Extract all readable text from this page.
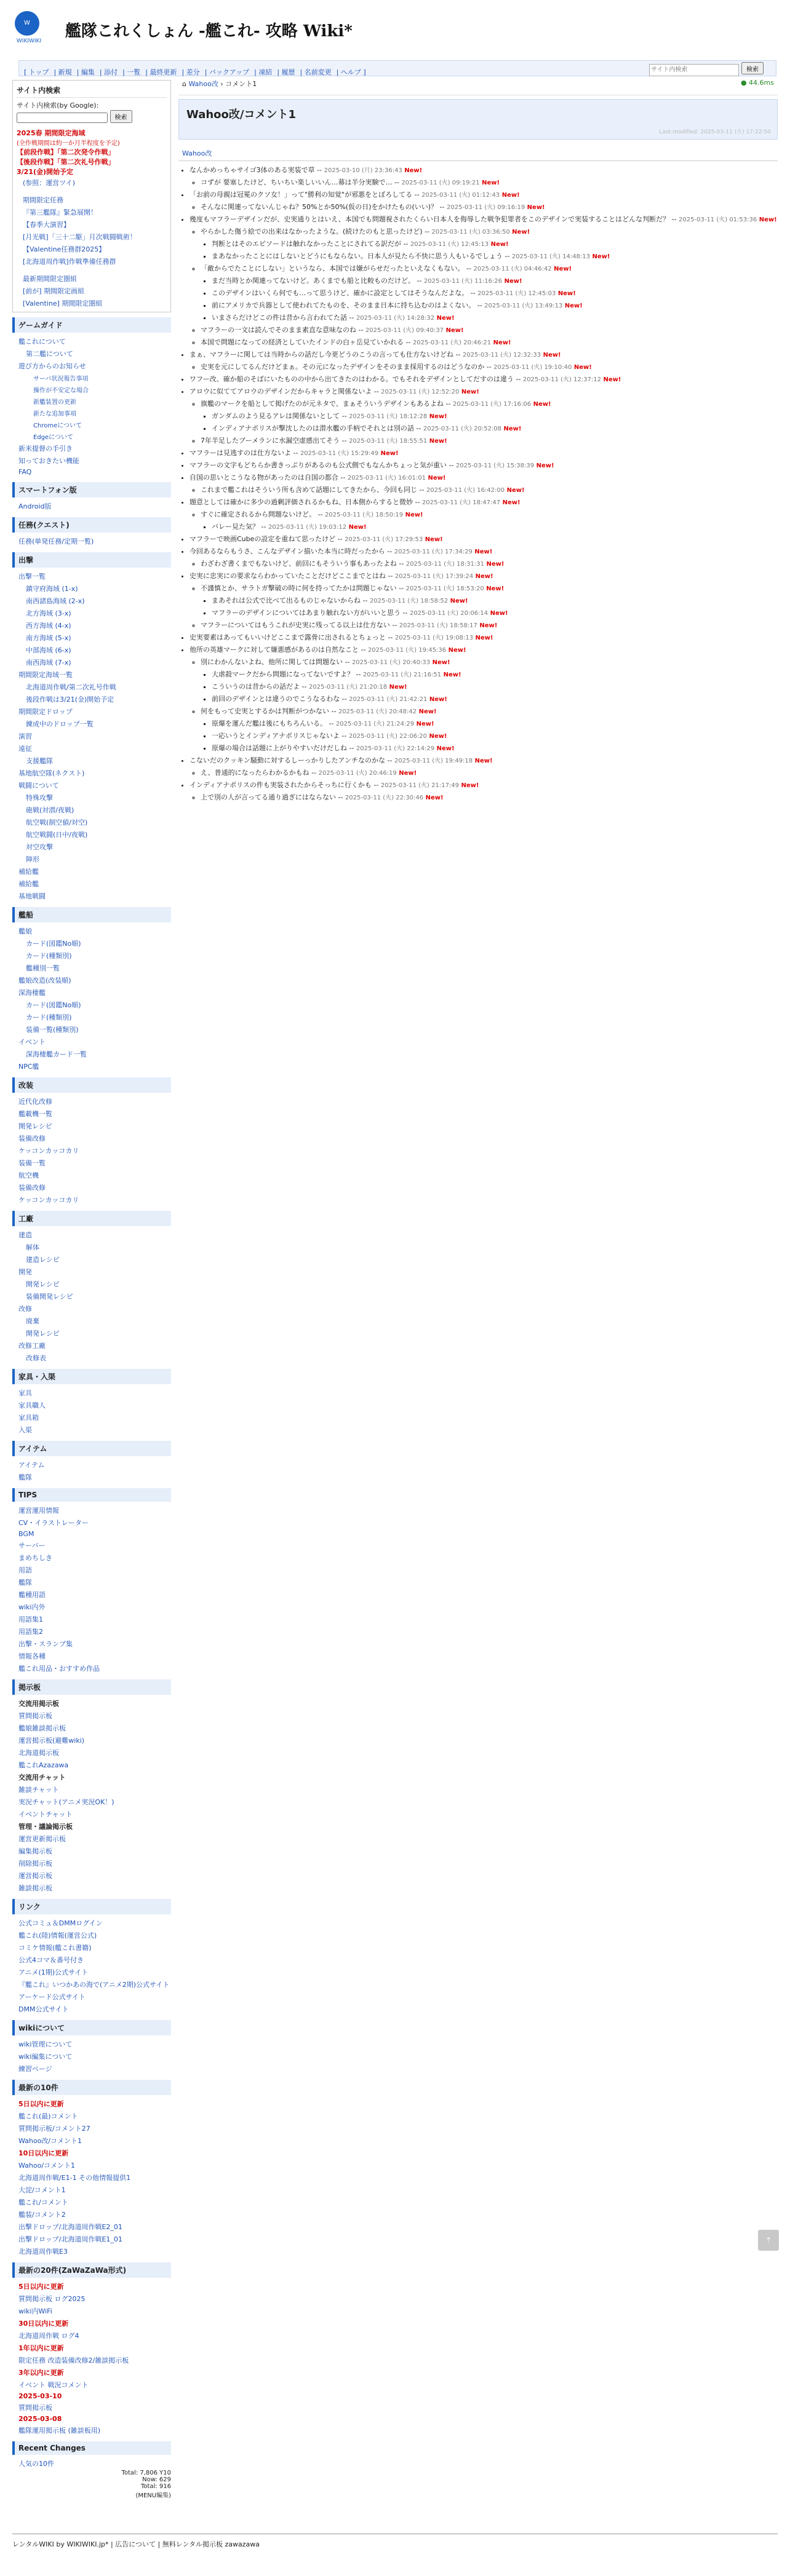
W
WIKIWIKI
艦隊これくしょん -艦これ- 攻略 Wiki*
[ トップ | 新規 | 編集 | 添付 | 一覧 | 最終更新 | 差分 | バックアップ | 凍結 | 履歴 | 名前変更 | ヘルプ ]
サイト内検索	検索
サイト内検索
サイト内検索(by Google):
検索
2025春 期間限定海域
(全作戦期間は約一か月半程度を予定)
【前段作戦】「第二次発令作戦」
【後段作戦】「第二次礼号作戦」
3/21(金)開始予定
(参照：運営ツイ)
期間限定任務
『第三艦隊』緊急展開！
【春季大演習】
[月光戦]「三十二駆」月次戦闘戦術！
【Valentine任務群2025】
[北海道周作戦]作戦準備任務群
最新期間限定圏組
[前が] 期間限定画組
[Valentine] 期間限定圏組
ゲームガイド
艦これについて
第二艦について
遊び方からのお知らせ
サーバ状況報告事項
操作が不安定な場合
新艦装置の更新
新たな追加事項
Chromeについて
Edgeについて
新米提督の手引き
知っておきたい機能
FAQ
スマートフォン版
Android版
任務(クエスト)
任務(単発任務/定期一覧)
出撃
出撃一覧
鎮守府海域 (1-x)
南西諸島海域 (2-x)
北方海域 (3-x)
西方海域 (4-x)
南方海域 (5-x)
中部海域 (6-x)
南西海域 (7-x)
期間限定海域一覧
北海道周作戦/第二次礼号作戦
後段作戦は3/21(金)開始予定
期間限定ドロップ
練成中のドロップ一覧
演習
遠征
支援艦隊
基地航空隊(ネクスト)
戦闘について
特殊攻撃
砲戦(対潜/夜戦)
航空戦(制空値/対空)
航空戦闘(日中/夜戦)
対空攻撃
陣形
補給艦
補給艦
基地戦闘
艦船
艦娘
カード(図鑑No順)
カード(種類別)
艦種別一覧
艦娘改造(改装順)
深海棲艦
カード(図鑑No順)
カード(種類別)
装備一覧(種類別)
イベント
深海棲艦カード一覧
NPC艦
改装
近代化改修
艦載機一覧
開発レシピ
装備改修
ケッコンカッコカリ
装備一覧
航空機
装備改修
ケッコンカッコカリ
工廠
建造
解体
建造レシピ
開発
開発レシピ
装備開発レシピ
改修
廃棄
開発レシピ
改修工廠
改修表
家具・入渠
家具
家具職人
家具箱
入渠
アイテム
アイテム
艦隊
TIPS
運営運用情報
CV・イラストレーター
BGM
サーバー
まめちしき
用語
艦隊
艦種用語
wiki内外
用語集1
用語集2
出撃・スランプ集
情報各種
艦これ用品・おすすめ作品
掲示板
交流用掲示板
質問掲示板
艦娘雑談掲示板
運営掲示板(避難wiki)
北海道掲示板
艦これAzazawa
交流用チャット
雑談チャット
実況チャット(アニメ実況OK！)
イベントチャット
管理・議論掲示板
運営更新掲示板
編集掲示板
削除掲示板
運営掲示板
雑談掲示板
リンク
公式コミュ＆DMMログイン
艦これ(陸)情報(運営公式)
コミケ情報(艦これ書籍)
公式4コマ＆番号付き
アニメ(1期)公式サイト
『艦これ』いつかあの海で(アニメ2期)公式サイト
アーケード公式サイト
DMM公式サイト
wikiについて
wiki管理について
wiki編集について
練習ページ
最新の10件
5日以内に更新
艦これ(最)コメント
質問掲示板/コメント27
Wahoo改/コメント1
10日以内に更新
Wahoo/コメント1
北海道周作戦/E1-1 その他情報提供1
大淀/コメント1
艦これ/コメント
艦装/コメント2
出撃ドロップ/北海道周作戦E2_01
出撃ドロップ/北海道周作戦E1_01
北海道周作戦E3
最新の20件(ZaWaZaWa形式)
5日以内に更新
質問掲示板 ログ2025
wiki内WiFi
30日以内に更新
北海道周作戦 ログ4
1年以内に更新
限定任務 改造装備改修2/雑談掲示板
3年以内に更新
イベント 戦況コメント
2025-03-10
質問掲示板
2025-03-08
艦隊運用掲示板 (雑談板用)
Recent Changes
人気の10件
Total: 7,806 Y10
Now: 629
Total: 916
(MENU編集)
⌂ Wahoo改 › コメント1	● 44.6ms
Wahoo改/コメント1
Last-modified: 2025-03-11 (火) 17:22:50
Wahoo改
• なんかめっちゃサイゴ3体のある実装で草 -- 2025-03-10 (月) 23:36:43 New!
◦ コずが 要塞したけど、ちいちい楽しいいん…幕は半分実験で… -- 2025-03-11 (火) 09:19:21 New!
• 「お前の母親は冠冕のクソ女！」って"勝利の知覚"が邪悪をとぼろしてる -- 2025-03-11 (火) 01:12:43 New!
◦ そんなに関連ってないんじゃね？50%とか50%(仮の日)をかけたもの(いい)？ -- 2025-03-11 (火) 09:16:19 New!
• 幾度もマフラーデザインだが、史実通りとはいえ、本国でも問題視されたくらい日本人を侮辱した戦争犯罪者をこのデザインで実装することはどんな判断だ？ -- 2025-03-11 (火) 01:53:36 New!
◦ やらかした傷う絵での出来はなかったような。(続けたのもと思ったけど) -- 2025-03-11 (火) 03:36:50 New!
▪ 判断とはそのエピソードは触れなかったことにされてる訳だが -- 2025-03-11 (火) 12:45:13 New!
▪ まあなかったことにはしないとどうにもならない。日本人が見たら不快に思う人もいるでしょう -- 2025-03-11 (火) 14:48:13 New!
◦ 「敵からでたことにしない」というなら、本国では嫌がらせだったといえなくもない。 -- 2025-03-11 (火) 04:46:42 New!
▪ まだ当時とか関連ってないけど。あくまでも船と比較ものだけど。 -- 2025-03-11 (火) 11:16:26 New!
▪ このデザインはいくら何でも…って思うけど、確かに設定としてはそうなんだよな。 -- 2025-03-11 (火) 12:45:03 New!
▪ 前にアメリカで兵器として使われてたものを、そのまま日本に持ち込むのはよくない。 -- 2025-03-11 (火) 13:49:13 New!
▪ いまさらだけどこの件は昔から言われてた話 -- 2025-03-11 (火) 14:28:32 New!
◦ マフラーの一文は読んでそのまま素直な意味なのね -- 2025-03-11 (火) 09:40:37 New!
◦ 本国で問題になっての経済としていたインドの白ヶ岳見ていかれる -- 2025-03-11 (火) 20:46:21 New!
• まぁ、マフラーに関しては当時からの話だし今更どうのこうの言っても仕方ないけどね -- 2025-03-11 (火) 12:32:33 New!
◦ 史実を元にしてるんだけどまぁ。その元になったデザインをそのまま採用するのはどうなのか -- 2025-03-11 (火) 19:10:40 New!
• ワフー改、確か船のそばにいたものの中から出てきたのはわかる。でもそれをデザインとしてだすのは違う -- 2025-03-11 (火) 12:37:12 New!
• アロウに似ててアロウのデザインだからキャラと関係ないよ -- 2025-03-11 (火) 12:52:20 New!
◦ 旗艦のマークを船として掲げたのが元ネタで、まぁそういうデザインもあるよね -- 2025-03-11 (火) 17:16:06 New!
▪ ガンダムのよう見るアレは関係ないとして -- 2025-03-11 (火) 18:12:28 New!
▪ インディアナポリスが撃沈したのは潜水艦の手柄でそれとは別の話 -- 2025-03-11 (火) 20:52:08 New!
◦ 7年半足したブーメランに水漏空虚感出てそう -- 2025-03-11 (火) 18:55:51 New!
• マフラーは見逃すのは仕方ないよ -- 2025-03-11 (火) 15:29:49 New!
• マフラーの文字もどちらか書きっぷりがあるのも公式側でもなんかちょっと気が重い -- 2025-03-11 (火) 15:38:39 New!
• 自国の思いとこうなる物があったのは自国の都合 -- 2025-03-11 (火) 16:01:01 New!
◦ これまで艦これはそういう所も含めて話題にしてきたから、今回も同じ -- 2025-03-11 (火) 16:42:00 New!
• 題意としては確かに多少の過剰評価されるかもね、日本側からすると微妙 -- 2025-03-11 (火) 18:47:47 New!
◦ すぐに確定されるから問題ないけど。 -- 2025-03-11 (火) 18:50:19 New!
▪ バレー見た気？ -- 2025-03-11 (火) 19:03:12 New!
• マフラーで映画Cubeの設定を重ねて思ったけど -- 2025-03-11 (火) 17:29:53 New!
• 今回あるならもうさ、こんなデザイン描いた本当に時だったから -- 2025-03-11 (火) 17:34:29 New!
◦ わざわざ書くまでもないけど、前回にもそういう事もあったよね -- 2025-03-11 (火) 18:31:31 New!
• 史実に忠実にの要求ならわかっていたことだけどここまでとはね -- 2025-03-11 (火) 17:39:24 New!
◦ 不謹慎とか、サラトガ撃破の時に何を持ってたかは問題じゃない -- 2025-03-11 (火) 18:53:20 New!
▪ まあそれは公式で比べて出るものじゃないからね -- 2025-03-11 (火) 18:58:52 New!
▪ マフラーのデザインについてはあまり触れない方がいいと思う -- 2025-03-11 (火) 20:06:14 New!
◦ マフラーについてはもうこれが史実に残ってる以上は仕方ない -- 2025-03-11 (火) 18:58:17 New!
• 史実要素はあってもいいけどここまで露骨に出されるとちょっと -- 2025-03-11 (火) 19:08:13 New!
• 他所の英雄マークに対して嫌悪感があるのは自然なこと -- 2025-03-11 (火) 19:45:36 New!
◦ 別にわかんないよね、他所に関しては問題ない -- 2025-03-11 (火) 20:40:33 New!
▪ 大虐殺マークだから問題になってないですよ？ -- 2025-03-11 (火) 21:16:51 New!
▪ こういうのは昔からの話だよ -- 2025-03-11 (火) 21:20:18 New!
▪ 前回のデザインとは違うのでこうなるわな -- 2025-03-11 (火) 21:42:21 New!
◦ 何をもって史実とするかは判断がつかない -- 2025-03-11 (火) 20:48:42 New!
▪ 原爆を運んだ艦は後にもちろんいる。 -- 2025-03-11 (火) 21:24:29 New!
▪ 一応いうとインディアナポリスじゃないよ -- 2025-03-11 (火) 22:06:20 New!
▪ 原爆の場合は話題に上がりやすいだけだしね -- 2025-03-11 (火) 22:14:29 New!
• こないだのクッキン騒動に対するしーっかりしたアンチなのかな -- 2025-03-11 (火) 19:49:18 New!
◦ え、普通的になったらわかるかもね -- 2025-03-11 (火) 20:46:19 New!
• インディアナポリスの件も実装されたからそっちに行くかも -- 2025-03-11 (火) 21:17:49 New!
◦ 上で別の人が言ってる通り過ぎにはならない -- 2025-03-11 (火) 22:30:46 New!
⇡
レンタルWIKI by WIKIWIKI.jp* | 広告について | 無料レンタル掲示板 zawazawa
